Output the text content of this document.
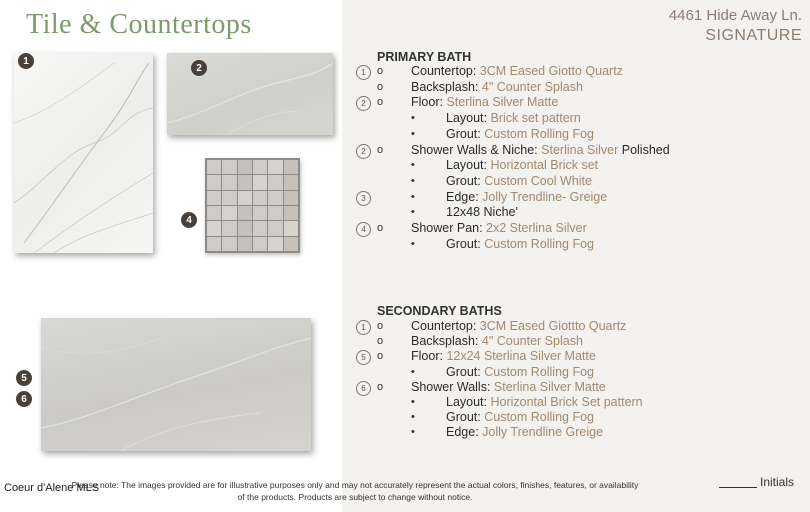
Tile & Countertops
1
2
4
5
6
4461 Hide Away Ln.
SIGNATURE
PRIMARY BATH
1	o Countertop: 3CM Eased Giotto Quartz
o Backsplash: 4" Counter Splash
2	o Floor: Sterlina Silver Matte
• Layout: Brick set pattern
• Grout: Custom Rolling Fog
2	o Shower Walls & Niche: Sterlina Silver Polished
• Layout: Horizontal Brick set
• Grout: Custom Cool White
3	• Edge: Jolly Trendline- Greige
• 12x48 Niche'
4	o Shower Pan: 2x2 Sterlina Silver
• Grout: Custom Rolling Fog
SECONDARY BATHS
1	o Countertop: 3CM Eased Giottto Quartz
o Backsplash: 4" Counter Splash
5	o Floor: 12x24 Sterlina Silver Matte
• Grout: Custom Rolling Fog
6	o Shower Walls: Sterlina Silver Matte
• Layout: Horizontal Brick Set pattern
• Grout: Custom Rolling Fog
• Edge: Jolly Trendline Greige
Coeur d'Alene MLS
Please note: The images provided are for illustrative purposes only and may not accurately represent the actual colors, finishes, features, or availability of the products. Products are subject to change without notice.
Initials
